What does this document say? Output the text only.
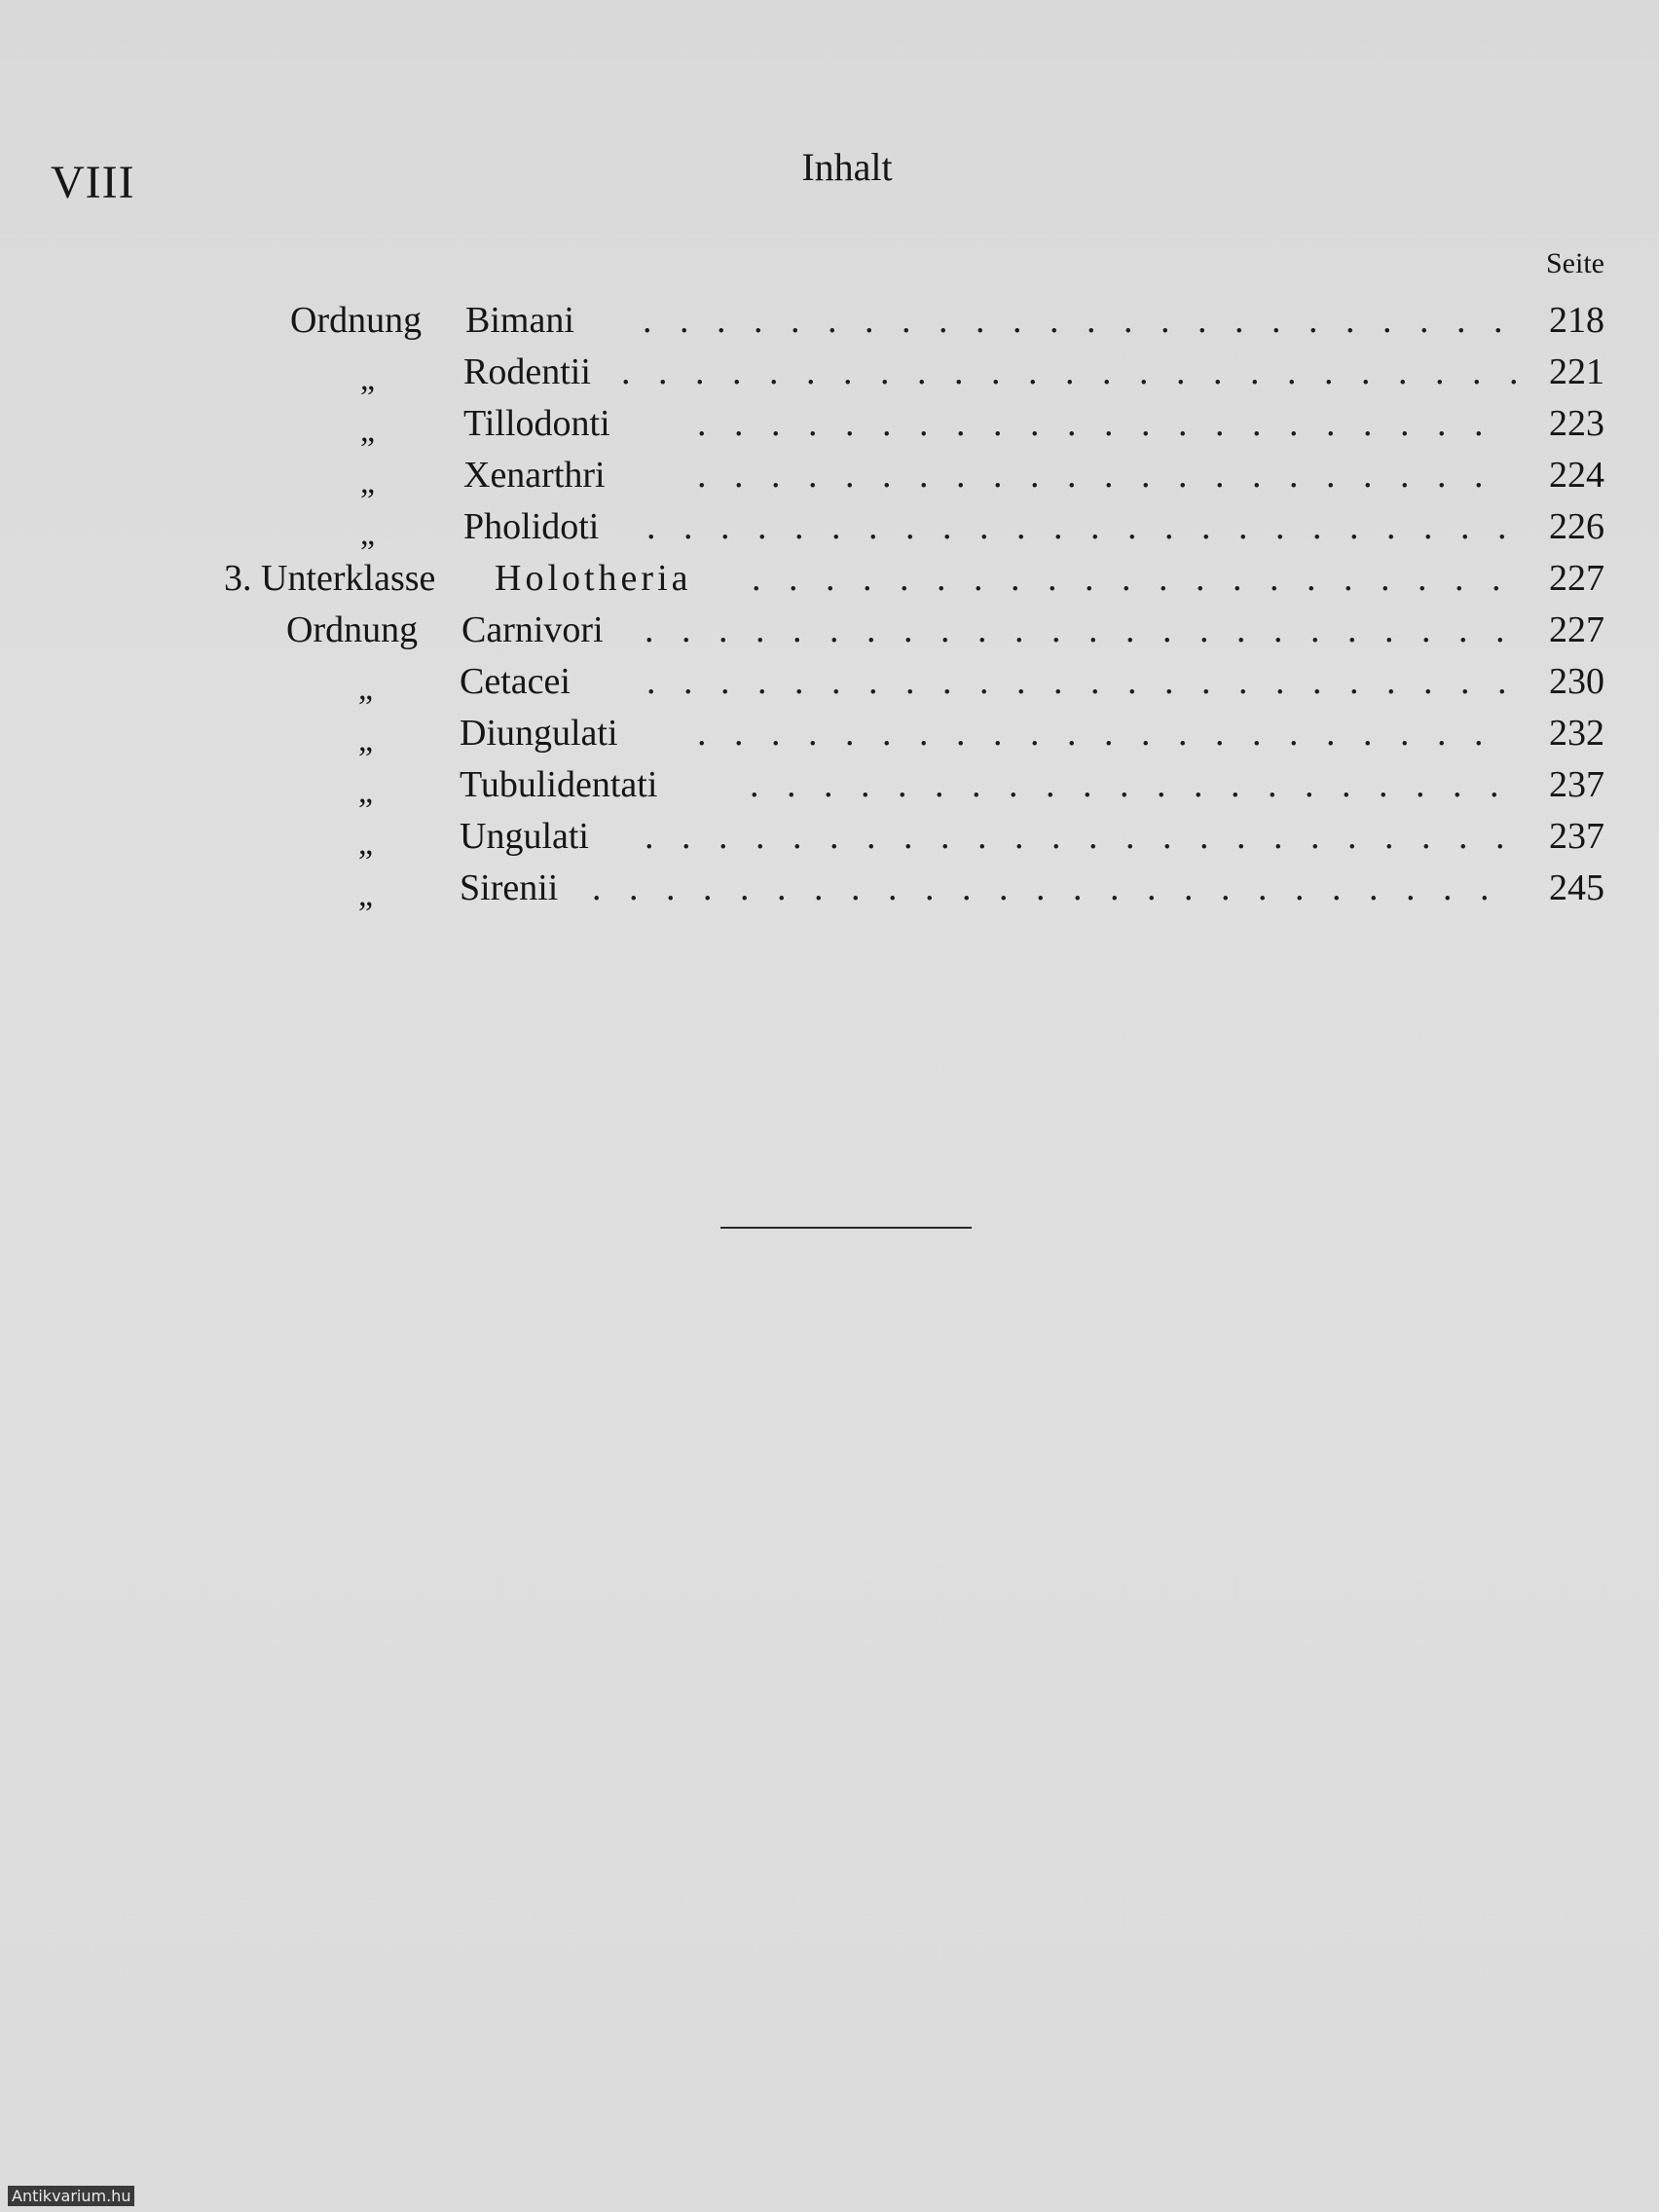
VIII	Inhalt
Seite
Ordnung Bimani .   .   .   .   .   .   .   .   .   .   .   .   .   .   .   .   .   .   .   .   .   .   .   .	218
„ Rodentii .   .   .   .   .   .   .   .   .   .   .   .   .   .   .   .   .   .   .   .   .   .   .   .   . 221
„ Tillodonti .   .   .   .   .   .   .   .   .   .   .   .   .   .   .   .   .   .   .   .   .   .	223
„ Xenarthri .   .   .   .   .   .   .   .   .   .   .   .   .   .   .   .   .   .   .   .   .   .	224
„ Pholidoti .   .   .   .   .   .   .   .   .   .   .   .   .   .   .   .   .   .   .   .   .   .   .   .	226
3. Unterklasse Holotheria .   .   .   .   .   .   .   .   .   .   .   .   .   .   .   .   .   .   .   .   .	227
Ordnung Carnivori .   .   .   .   .   .   .   .   .   .   .   .   .   .   .   .   .   .   .   .   .   .   .   .	227
„ Cetacei .   .   .   .   .   .   .   .   .   .   .   .   .   .   .   .   .   .   .   .   .   .   .   .	230
„ Diungulati .   .   .   .   .   .   .   .   .   .   .   .   .   .   .   .   .   .   .   .   .   .	232
„ Tubulidentati .   .   .   .   .   .   .   .   .   .   .   .   .   .   .   .   .   .   .   .   .	237
„ Ungulati .   .   .   .   .   .   .   .   .   .   .   .   .   .   .   .   .   .   .   .   .   .   .   .	237
„ Sirenii .   .   .   .   .   .   .   .   .   .   .   .   .   .   .   .   .   .   .   .   .   .   .   .   .	245
Antikvarium.hu
